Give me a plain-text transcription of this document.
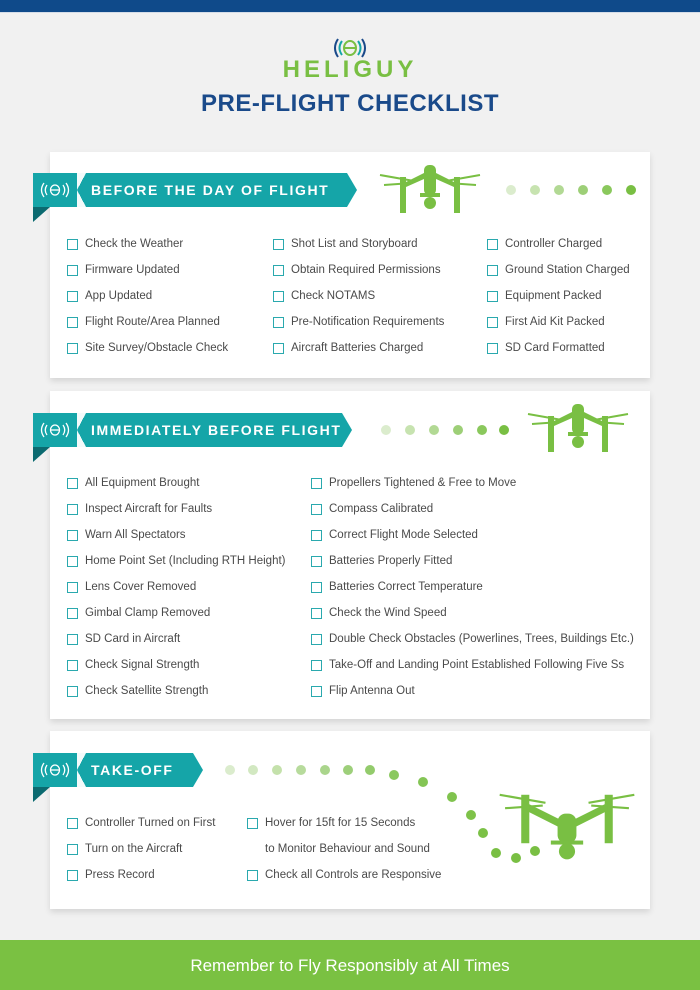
HELIGUY
PRE-FLIGHT CHECKLIST
BEFORE THE DAY OF FLIGHT
Check the Weather
Firmware Updated
App Updated
Flight Route/Area Planned
Site Survey/Obstacle Check
Shot List and Storyboard
Obtain Required Permissions
Check NOTAMS
Pre-Notification Requirements
Aircraft Batteries Charged
Controller Charged
Ground Station Charged
Equipment Packed
First Aid Kit Packed
SD Card Formatted
IMMEDIATELY BEFORE FLIGHT
All Equipment Brought
Inspect Aircraft for Faults
Warn All Spectators
Home Point Set (Including RTH Height)
Lens Cover Removed
Gimbal Clamp Removed
SD Card in Aircraft
Check Signal Strength
Check Satellite Strength
Propellers Tightened & Free to Move
Compass Calibrated
Correct Flight Mode Selected
Batteries Properly Fitted
Batteries Correct Temperature
Check the Wind Speed
Double Check Obstacles (Powerlines, Trees, Buildings Etc.)
Take-Off and Landing Point Established Following Five Ss
Flip Antenna Out
TAKE-OFF
Controller Turned on First
Turn on the Aircraft
Press Record
Hover for 15ft for 15 Seconds
to Monitor Behaviour and Sound
Check all Controls are Responsive
Remember to Fly Responsibly at All Times
